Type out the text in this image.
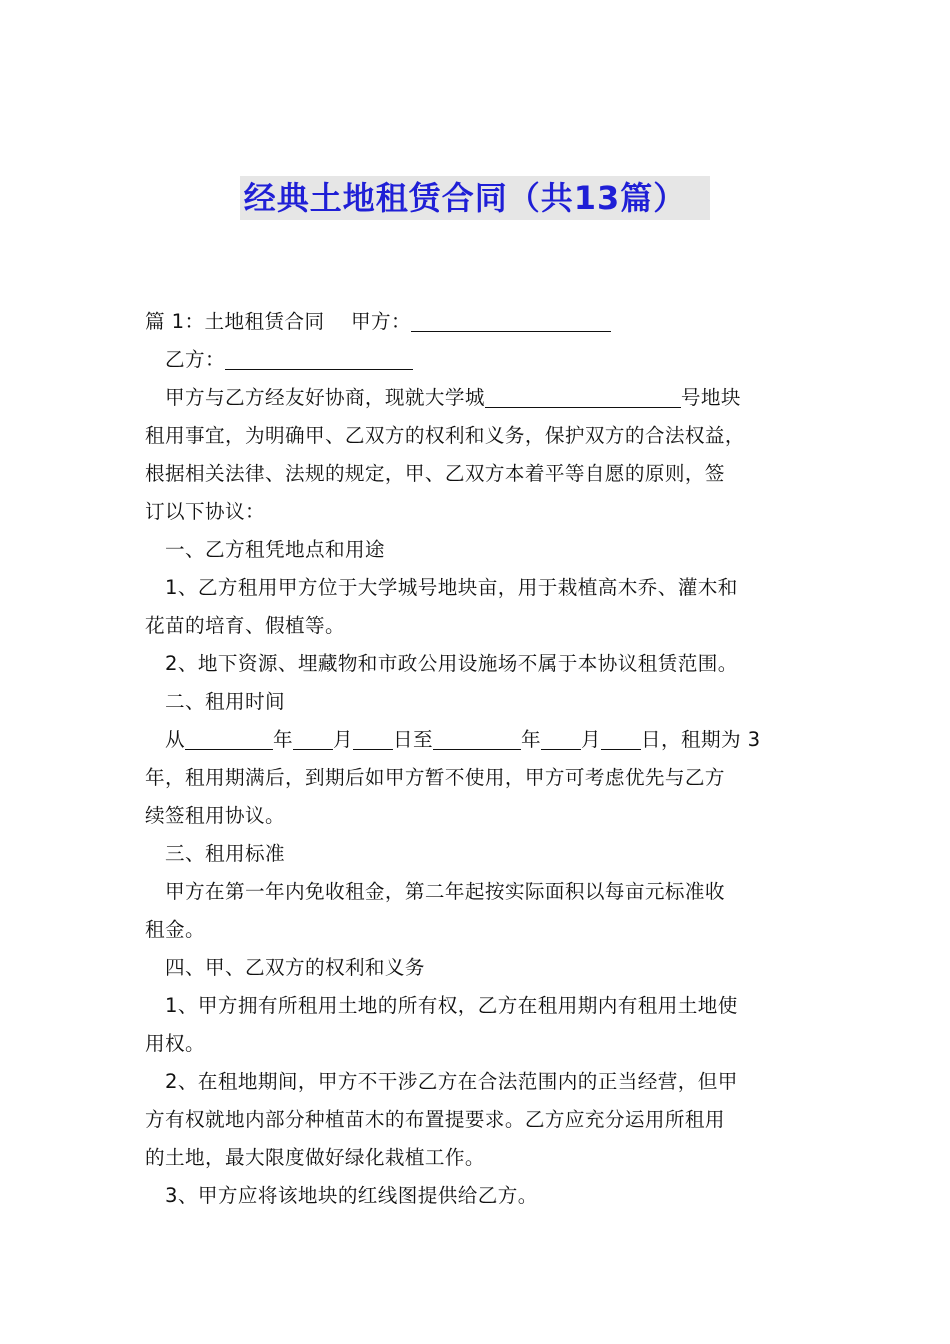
经典土地租赁合同（共13篇）
篇 1：土地租赁合同 甲方：
乙方：
甲方与乙方经友好协商，现就大学城	号地块
租用事宜，为明确甲、乙双方的权利和义务，保护双方的合法权益，
根据相关法律、法规的规定，甲、乙双方本着平等自愿的原则，签
订以下协议：
一、乙方租凭地点和用途
1、乙方租用甲方位于大学城号地块亩，用于栽植高木乔、灌木和
花苗的培育、假植等。
2、地下资源、埋藏物和市政公用设施场不属于本协议租赁范围。
二、租用时间
从	年 月 日至	年 月 日，租期为 3
年，租用期满后，到期后如甲方暂不使用，甲方可考虑优先与乙方
续签租用协议。
三、租用标准
甲方在第一年内免收租金，第二年起按实际面积以每亩元标准收
租金。
四、甲、乙双方的权利和义务
1、甲方拥有所租用土地的所有权，乙方在租用期内有租用土地使
用权。
2、在租地期间，甲方不干涉乙方在合法范围内的正当经营，但甲
方有权就地内部分种植苗木的布置提要求。乙方应充分运用所租用
的土地，最大限度做好绿化栽植工作。
3、甲方应将该地块的红线图提供给乙方。
